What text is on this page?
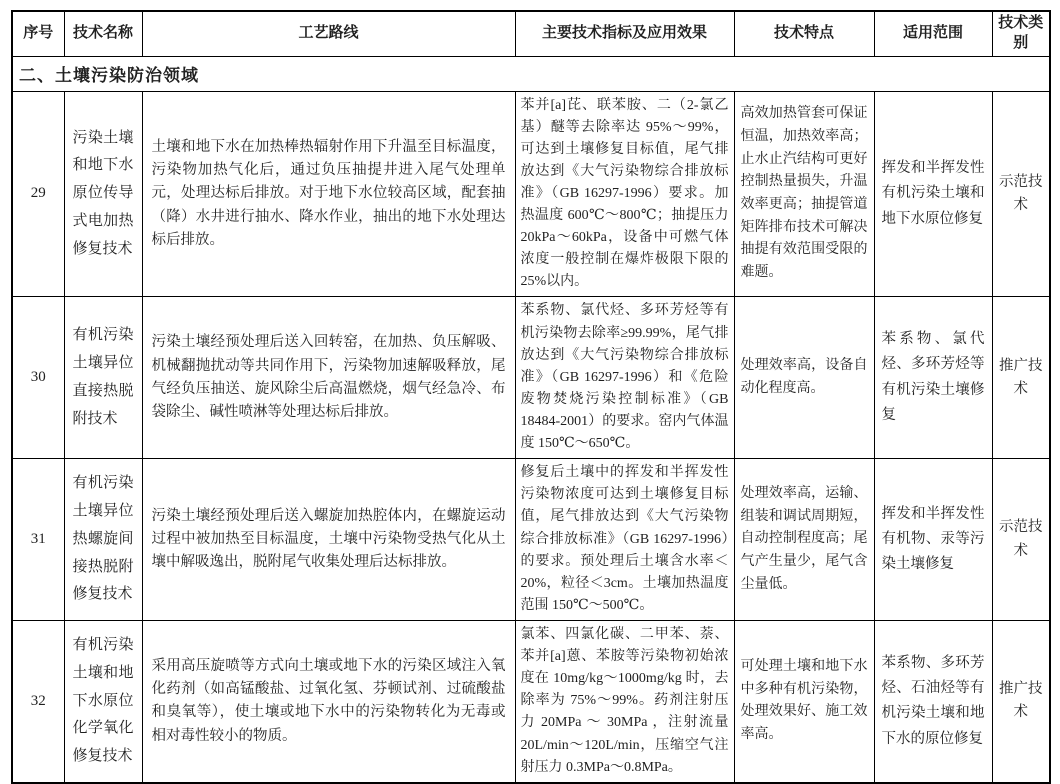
序号	技术名称	工艺路线	主要技术指标及应用效果	技术特点	适用范围	技术类别
二、土壤污染防治领域						
29	污染土壤和地下水原位传导式电加热修复技术	土壤和地下水在加热棒热辐射作用下升温至目标温度，污染物加热气化后，通过负压抽提井进入尾气处理单元，处理达标后排放。对于地下水位较高区域，配套抽（降）水井进行抽水、降水作业，抽出的地下水处理达标后排放。	苯并[a]芘、联苯胺、二（2-氯乙基）醚等去除率达 95%～99%，可达到土壤修复目标值，尾气排放达到《大气污染物综合排放标准》（GB 16297-1996）要求。加热温度 600℃～800℃；抽提压力 20kPa～60kPa，设备中可燃气体浓度一般控制在爆炸极限下限的 25%以内。	高效加热管套可保证恒温，加热效率高；止水止汽结构可更好控制热量损失，升温效率更高；抽提管道矩阵排布技术可解决抽提有效范围受限的难题。	挥发和半挥发性有机污染土壤和地下水原位修复	示范技术
30	有机污染土壤异位直接热脱附技术	污染土壤经预处理后送入回转窑，在加热、负压解吸、机械翻抛扰动等共同作用下，污染物加速解吸释放，尾气经负压抽送、旋风除尘后高温燃烧，烟气经急冷、布袋除尘、碱性喷淋等处理达标后排放。	苯系物、氯代烃、多环芳烃等有机污染物去除率≥99.99%，尾气排放达到《大气污染物综合排放标准》（GB 16297-1996）和《危险废物焚烧污染控制标准》（GB 18484-2001）的要求。窑内气体温度 150℃～650℃。	处理效率高，设备自动化程度高。	苯系物、氯代烃、多环芳烃等有机污染土壤修复	推广技术
31	有机污染土壤异位热螺旋间接热脱附修复技术	污染土壤经预处理后送入螺旋加热腔体内，在螺旋运动过程中被加热至目标温度，土壤中污染物受热气化从土壤中解吸逸出，脱附尾气收集处理后达标排放。	修复后土壤中的挥发和半挥发性污染物浓度可达到土壤修复目标值，尾气排放达到《大气污染物综合排放标准》（GB 16297-1996）的要求。预处理后土壤含水率＜20%，粒径＜3cm。土壤加热温度范围 150℃～500℃。	处理效率高，运输、组装和调试周期短，自动控制程度高；尾气产生量少，尾气含尘量低。	挥发和半挥发性有机物、汞等污染土壤修复	示范技术
32	有机污染土壤和地下水原位化学氧化修复技术	采用高压旋喷等方式向土壤或地下水的污染区域注入氧化药剂（如高锰酸盐、过氧化氢、芬顿试剂、过硫酸盐和臭氧等），使土壤或地下水中的污染物转化为无毒或相对毒性较小的物质。	氯苯、四氯化碳、二甲苯、萘、苯并[a]蒽、苯胺等污染物初始浓度在 10mg/kg～1000mg/kg 时，去除率为 75%～99%。药剂注射压力 20MPa ～ 30MPa ，注射流量 20L/min～120L/min，压缩空气注射压力 0.3MPa～0.8MPa。	可处理土壤和地下水中多种有机污染物，处理效果好、施工效率高。	苯系物、多环芳烃、石油烃等有机污染土壤和地下水的原位修复	推广技术
